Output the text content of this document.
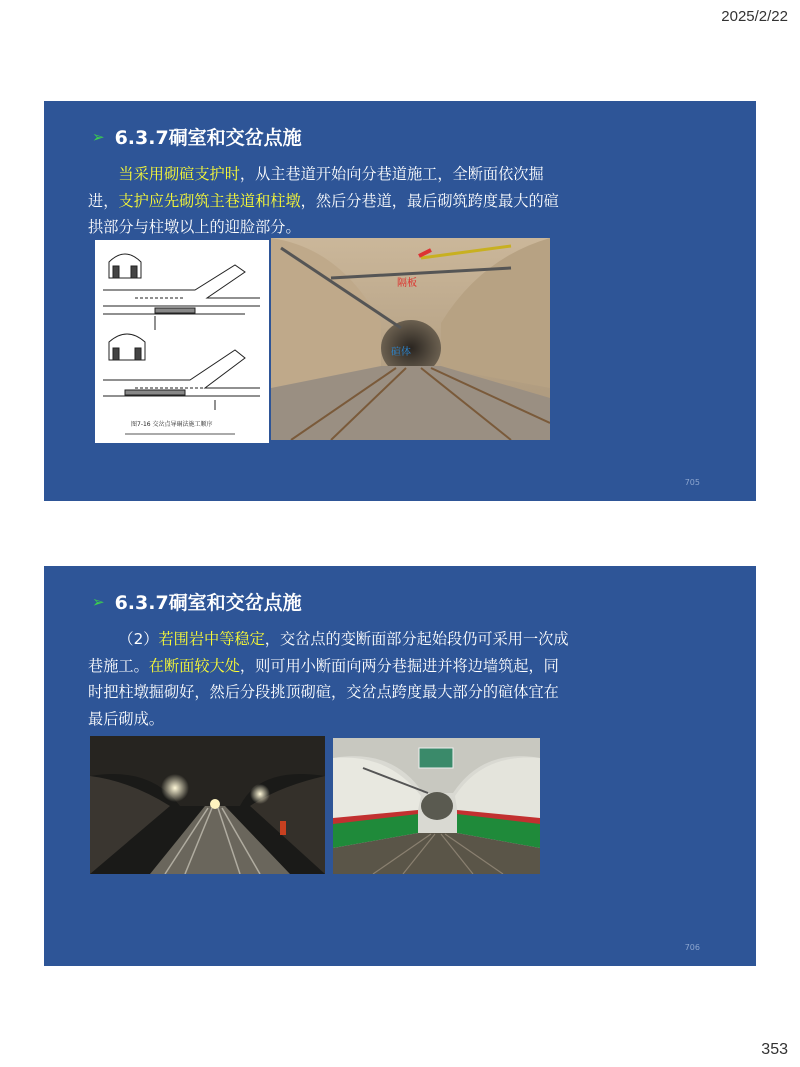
2025/2/22
➢ 6.3.7硐室和交岔点施
当采用砌碹支护时，从主巷道开始向分巷道施工，全断面依次掘进，支护应先砌筑主巷道和柱墩，然后分巷道，最后砌筑跨度最大的碹拱部分与柱墩以上的迎脸部分。
图7-16 交岔点导硐法施工顺序
隔板
碹体
705
➢ 6.3.7硐室和交岔点施
（2）若围岩中等稳定，交岔点的变断面部分起始段仍可采用一次成巷施工。在断面较大处，则可用小断面向两分巷掘进并将边墙筑起，同时把柱墩掘砌好，然后分段挑顶砌碹，交岔点跨度最大部分的碹体宜在最后砌成。
706
353
